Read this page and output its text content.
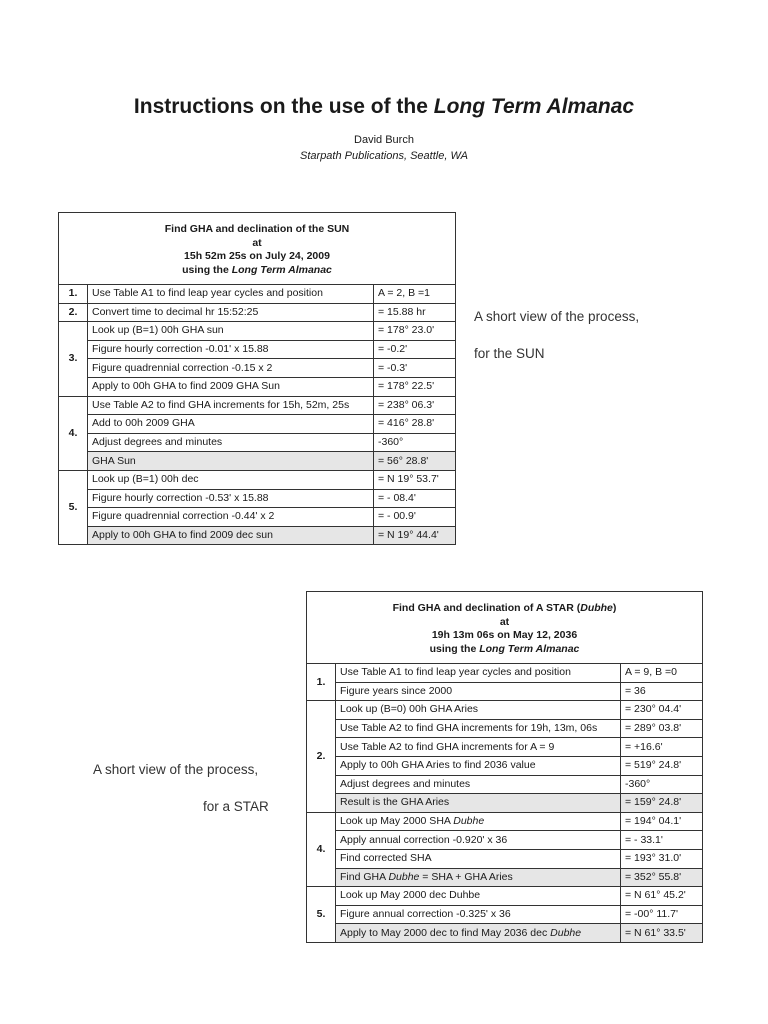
Instructions on the use of the Long Term Almanac
David Burch
Starpath Publications, Seattle, WA
Find GHA and declination of the SUN
at
15h 52m 25s on July 24, 2009
using the Long Term Almanac		

1.	Use Table A1 to find leap year cycles and position	A = 2, B =1
2.	Convert time to decimal hr 15:52:25	= 15.88 hr
3.	Look up (B=1) 00h GHA sun	= 178° 23.0'
	Figure hourly correction -0.01' x 15.88	= -0.2'
	Figure quadrennial correction -0.15 x 2	= -0.3'
	Apply to 00h GHA to find 2009 GHA Sun	= 178° 22.5'
4.	Use Table A2 to find GHA increments for 15h, 52m, 25s	= 238° 06.3'
	Add to 00h 2009 GHA	= 416° 28.8'
	Adjust degrees and minutes	-360°
	GHA Sun	= 56° 28.8'
5.	Look up (B=1) 00h dec	= N 19° 53.7'
	Figure hourly correction -0.53' x 15.88	= - 08.4'
	Figure quadrennial correction -0.44' x 2	= - 00.9'
	Apply to 00h GHA to find 2009 dec sun	= N 19° 44.4'
A short view of the process,
for the SUN
Find GHA and declination of A STAR (Dubhe)
at
19h 13m 06s on May 12, 2036
using the Long Term Almanac		

1.	Use Table A1 to find leap year cycles and position	A = 9, B =0
	Figure years since 2000	= 36
2.	Look up (B=0) 00h GHA Aries	= 230° 04.4'
	Use Table A2 to find GHA increments for 19h, 13m, 06s	= 289° 03.8'
	Use Table A2 to find GHA increments for A = 9	= +16.6'
	Apply to 00h GHA Aries to find 2036 value	= 519° 24.8'
	Adjust degrees and minutes	-360°
	Result is the GHA Aries	= 159° 24.8'
4.	Look up May 2000 SHA Dubhe	= 194° 04.1'
	Apply annual correction -0.920' x 36	= - 33.1'
	Find corrected SHA	= 193° 31.0'
	Find GHA Dubhe = SHA + GHA Aries	= 352° 55.8'
5.	Look up May 2000 dec Duhbe	= N 61° 45.2'
	Figure annual correction -0.325' x 36	= -00° 11.7'
	Apply to May 2000 dec to find May 2036 dec Dubhe	= N 61° 33.5'
A short view of the process,
for a STAR
